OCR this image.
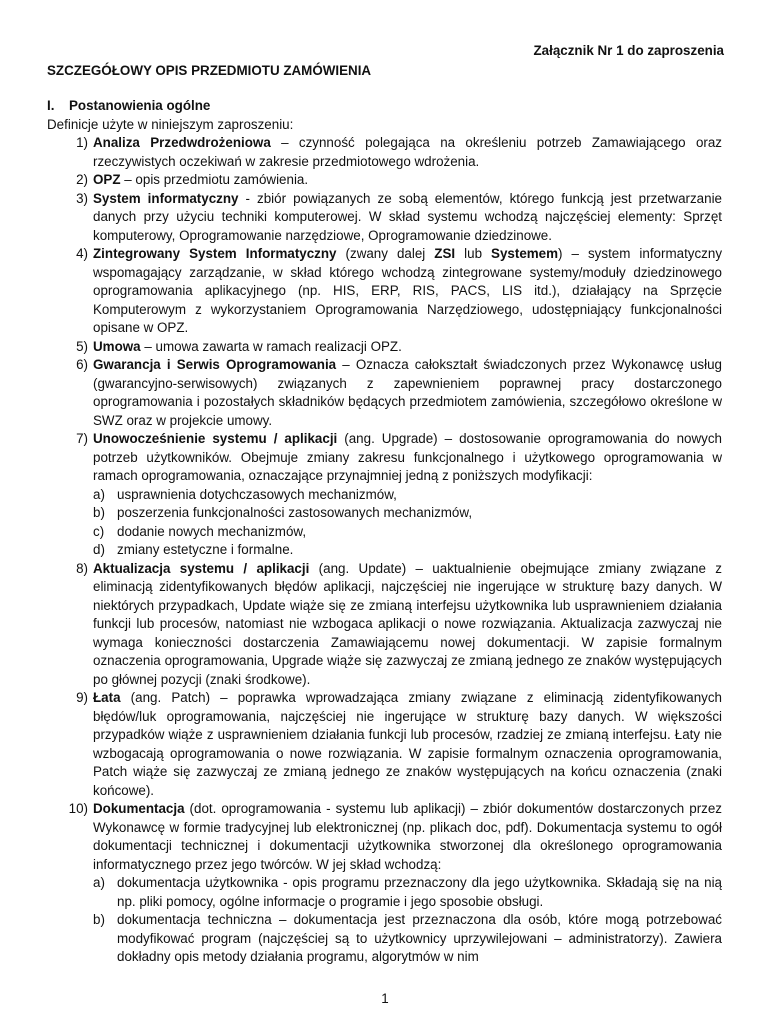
Załącznik Nr 1 do zaproszenia
SZCZEGÓŁOWY OPIS PRZEDMIOTU ZAMÓWIENIA
I.	Postanowienia ogólne
Definicje użyte w niniejszym zaproszeniu:
1) Analiza Przedwdrożeniowa – czynność polegająca na określeniu potrzeb Zamawiającego oraz rzeczywistych oczekiwań w zakresie przedmiotowego wdrożenia.
2) OPZ – opis przedmiotu zamówienia.
3) System informatyczny - zbiór powiązanych ze sobą elementów, którego funkcją jest przetwarzanie danych przy użyciu techniki komputerowej. W skład systemu wchodzą najczęściej elementy: Sprzęt komputerowy, Oprogramowanie narzędziowe, Oprogramowanie dziedzinowe.
4) Zintegrowany System Informatyczny (zwany dalej ZSI lub Systemem) – system informatyczny wspomagający zarządzanie, w skład którego wchodzą zintegrowane systemy/moduły dziedzinowego oprogramowania aplikacyjnego (np. HIS, ERP, RIS, PACS, LIS itd.), działający na Sprzęcie Komputerowym z wykorzystaniem Oprogramowania Narzędziowego, udostępniający funkcjonalności opisane w OPZ.
5) Umowa – umowa zawarta w ramach realizacji OPZ.
6) Gwarancja i Serwis Oprogramowania – Oznacza całokształt świadczonych przez Wykonawcę usług (gwarancyjno-serwisowych) związanych z zapewnieniem poprawnej pracy dostarczonego oprogramowania i pozostałych składników będących przedmiotem zamówienia, szczegółowo określone w SWZ oraz w projekcie umowy.
7) Unowocześnienie systemu / aplikacji (ang. Upgrade) – dostosowanie oprogramowania do nowych potrzeb użytkowników. Obejmuje zmiany zakresu funkcjonalnego i użytkowego oprogramowania w ramach oprogramowania, oznaczające przynajmniej jedną z poniższych modyfikacji:
a) usprawnienia dotychczasowych mechanizmów,
b) poszerzenia funkcjonalności zastosowanych mechanizmów,
c) dodanie nowych mechanizmów,
d) zmiany estetyczne i formalne.
8) Aktualizacja systemu / aplikacji (ang. Update) – uaktualnienie obejmujące zmiany związane z eliminacją zidentyfikowanych błędów aplikacji, najczęściej nie ingerujące w strukturę bazy danych. W niektórych przypadkach, Update wiąże się ze zmianą interfejsu użytkownika lub usprawnieniem działania funkcji lub procesów, natomiast nie wzbogaca aplikacji o nowe rozwiązania. Aktualizacja zazwyczaj nie wymaga konieczności dostarczenia Zamawiającemu nowej dokumentacji. W zapisie formalnym oznaczenia oprogramowania, Upgrade wiąże się zazwyczaj ze zmianą jednego ze znaków występujących po głównej pozycji (znaki środkowe).
9) Łata (ang. Patch) – poprawka wprowadzająca zmiany związane z eliminacją zidentyfikowanych błędów/luk oprogramowania, najczęściej nie ingerujące w strukturę bazy danych. W większości przypadków wiąże z usprawnieniem działania funkcji lub procesów, rzadziej ze zmianą interfejsu. Łaty nie wzbogacają oprogramowania o nowe rozwiązania. W zapisie formalnym oznaczenia oprogramowania, Patch wiąże się zazwyczaj ze zmianą jednego ze znaków występujących na końcu oznaczenia (znaki końcowe).
10) Dokumentacja (dot. oprogramowania - systemu lub aplikacji) – zbiór dokumentów dostarczonych przez Wykonawcę w formie tradycyjnej lub elektronicznej (np. plikach doc, pdf). Dokumentacja systemu to ogół dokumentacji technicznej i dokumentacji użytkownika stworzonej dla określonego oprogramowania informatycznego przez jego twórców. W jej skład wchodzą:
a) dokumentacja użytkownika - opis programu przeznaczony dla jego użytkownika. Składają się na nią np. pliki pomocy, ogólne informacje o programie i jego sposobie obsługi.
b) dokumentacja techniczna – dokumentacja jest przeznaczona dla osób, które mogą potrzebować modyfikować program (najczęściej są to użytkownicy uprzywilejowani – administratorzy). Zawiera dokładny opis metody działania programu, algorytmów w nim
1
